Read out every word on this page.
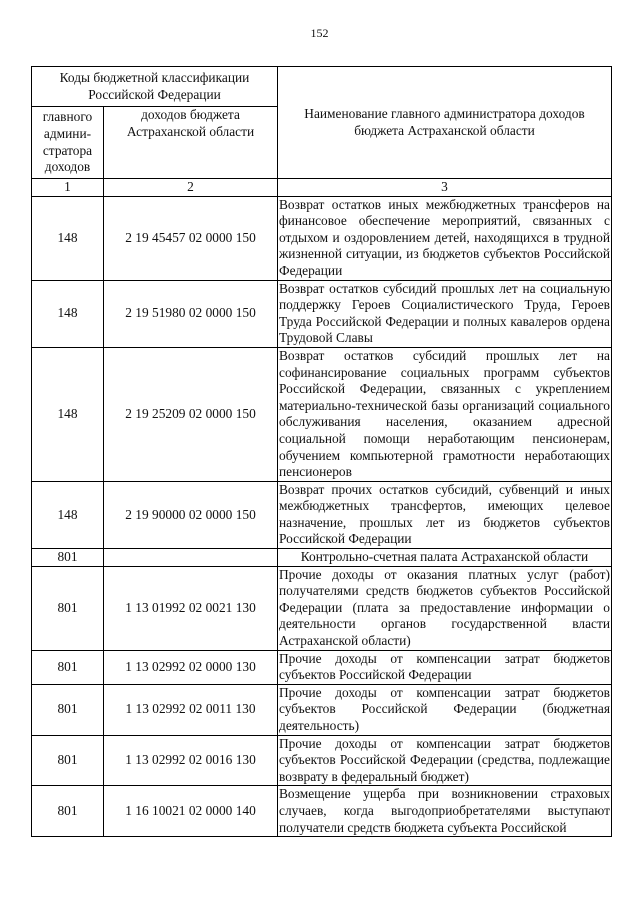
152
Коды бюджетной классификации Российской Федерации		Наименование главного администратора доходов бюджета Астраханской области
главного админи-стратора доходов	доходов бюджета Астраханской области	
1	2	3
148	2 19 45457 02 0000 150	Возврат остатков иных межбюджетных трансферов на финансовое обеспечение мероприятий, связанных с отдыхом и оздоровлением детей, находящихся в трудной жизненной ситуации, из бюджетов субъектов Российской Федерации
148	2 19 51980 02 0000 150	Возврат остатков субсидий прошлых лет на социальную поддержку Героев Социалистического Труда, Героев Труда Российской Федерации и полных кавалеров ордена Трудовой Славы
148	2 19 25209 02 0000 150	Возврат остатков субсидий прошлых лет на софинансирование социальных программ субъектов Российской Федерации, связанных с укреплением материально-технической базы организаций социального обслуживания населения, оказанием адресной социальной помощи неработающим пенсионерам, обучением компьютерной грамотности неработающих пенсионеров
148	2 19 90000 02 0000 150	Возврат прочих остатков субсидий, субвенций и иных межбюджетных трансфертов, имеющих целевое назначение, прошлых лет из бюджетов субъектов Российской Федерации
801		Контрольно-счетная палата Астраханской области
801	1 13 01992 02 0021 130	Прочие доходы от оказания платных услуг (работ) получателями средств бюджетов субъектов Российской Федерации (плата за предоставление информации о деятельности органов государственной власти Астраханской области)
801	1 13 02992 02 0000 130	Прочие доходы от компенсации затрат бюджетов субъектов Российской Федерации
801	1 13 02992 02 0011 130	Прочие доходы от компенсации затрат бюджетов субъектов Российской Федерации (бюджетная деятельность)
801	1 13 02992 02 0016 130	Прочие доходы от компенсации затрат бюджетов субъектов Российской Федерации (средства, подлежащие возврату в федеральный бюджет)
801	1 16 10021 02 0000 140	Возмещение ущерба при возникновении страховых случаев, когда выгодоприобретателями выступают получатели средств бюджета субъекта Российской
